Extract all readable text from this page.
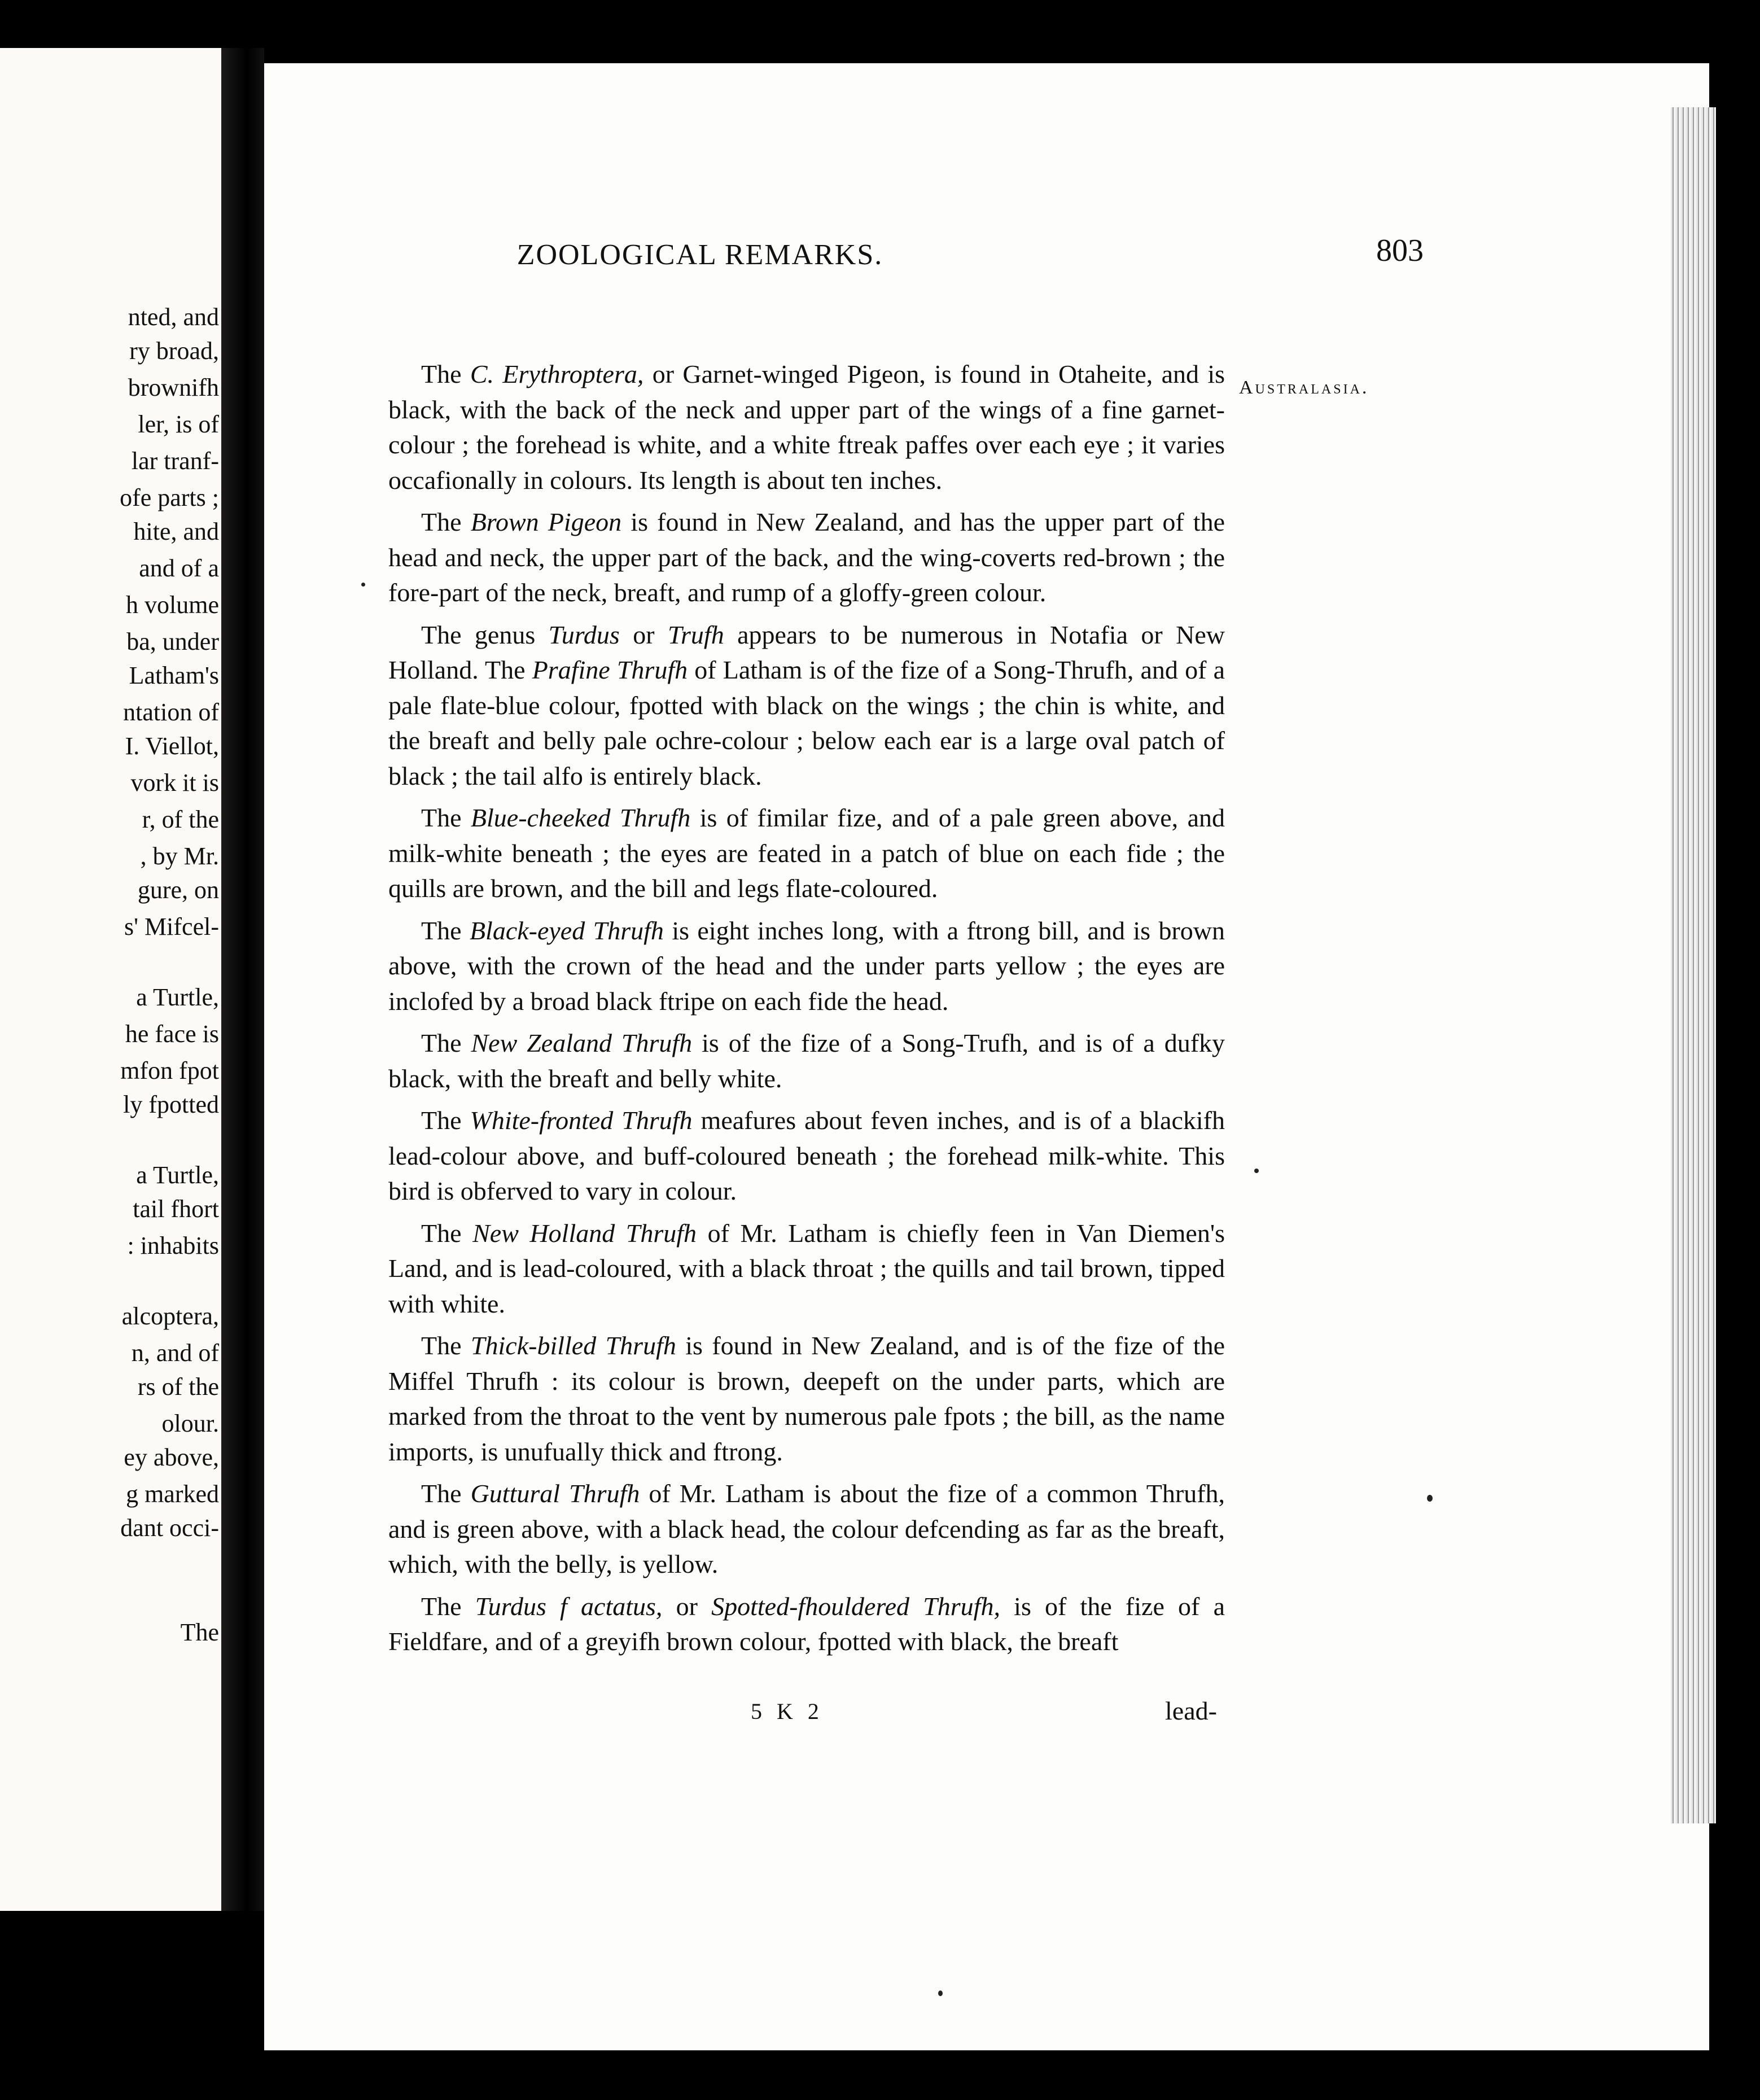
nted, and
ry broad,
brownifh
ler, is of
lar tranf-
ofe parts ;
hite, and
and of a
h volume
ba, under
Latham's
ntation of
I. Viellot,
vork it is
r, of the
, by Mr.
gure, on
s' Mifcel-
a Turtle,
he face is
mfon fpot
ly fpotted
a Turtle,
tail fhort
: inhabits
alcoptera,
n, and of
rs of the
olour.
ey above,
g marked
dant occi-
The
ZOOLOGICAL REMARKS.	803
Australasia.

The C. Erythroptera, or Garnet-winged Pigeon, is found in Otaheite, and is black, with the back of the neck and upper part of the wings of a fine garnet-colour ; the forehead is white, and a white ftreak paffes over each eye ; it varies occafionally in colours. Its length is about ten inches.

The Brown Pigeon is found in New Zealand, and has the upper part of the head and neck, the upper part of the back, and the wing-coverts red-brown ; the fore-part of the neck, breaft, and rump of a gloffy-green colour.

The genus Turdus or Trufh appears to be numerous in Notafia or New Holland. The Prafine Thrufh of Latham is of the fize of a Song-Thrufh, and of a pale flate-blue colour, fpotted with black on the wings ; the chin is white, and the breaft and belly pale ochre-colour ; below each ear is a large oval patch of black ; the tail alfo is entirely black.

The Blue-cheeked Thrufh is of fimilar fize, and of a pale green above, and milk-white beneath ; the eyes are feated in a patch of blue on each fide ; the quills are brown, and the bill and legs flate-coloured.

The Black-eyed Thrufh is eight inches long, with a ftrong bill, and is brown above, with the crown of the head and the under parts yellow ; the eyes are inclofed by a broad black ftripe on each fide the head.

The New Zealand Thrufh is of the fize of a Song-Trufh, and is of a dufky black, with the breaft and belly white.

The White-fronted Thrufh meafures about feven inches, and is of a blackifh lead-colour above, and buff-coloured beneath ; the forehead milk-white. This bird is obferved to vary in colour.

The New Holland Thrufh of Mr. Latham is chiefly feen in Van Diemen's Land, and is lead-coloured, with a black throat ; the quills and tail brown, tipped with white.

The Thick-billed Thrufh is found in New Zealand, and is of the fize of the Miffel Thrufh : its colour is brown, deepeft on the under parts, which are marked from the throat to the vent by numerous pale fpots ; the bill, as the name imports, is unufually thick and ftrong.

The Guttural Thrufh of Mr. Latham is about the fize of a common Thrufh, and is green above, with a black head, the colour defcending as far as the breaft, which, with the belly, is yellow.

The Turdus f actatus, or Spotted-fhouldered Thrufh, is of the fize of a Fieldfare, and of a greyifh brown colour, fpotted with black, the breaft

5 K 2	lead-
